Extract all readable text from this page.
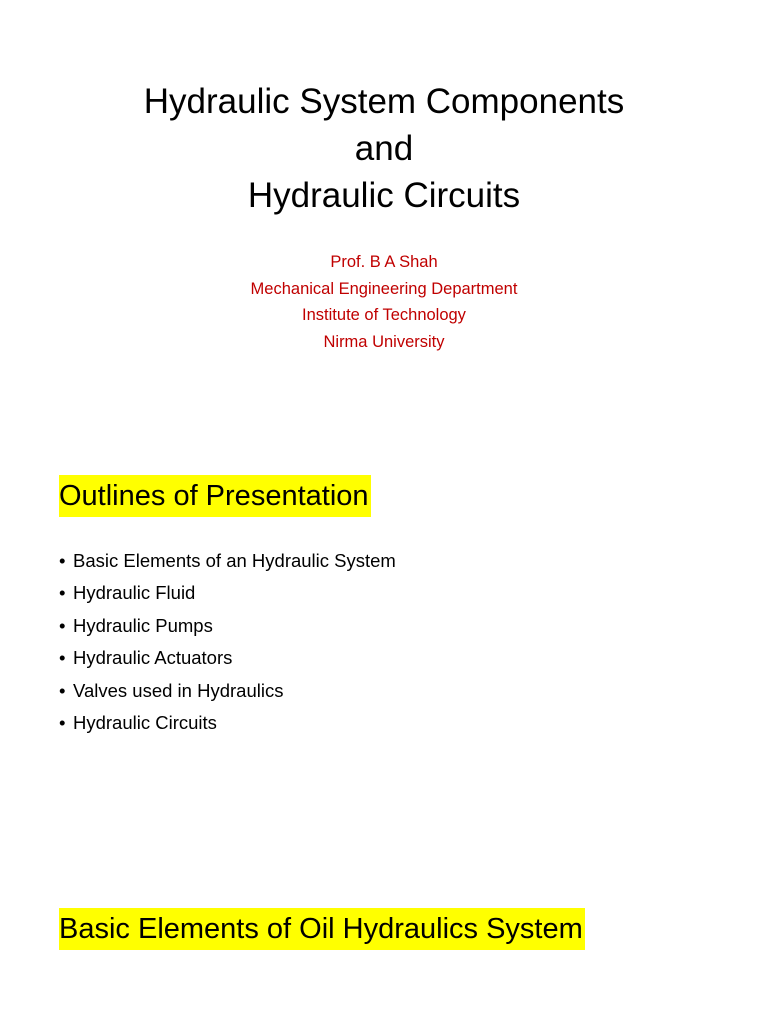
Hydraulic System Components
and
Hydraulic Circuits
Prof. B A Shah
Mechanical Engineering Department
Institute of Technology
Nirma University
Outlines of Presentation
• Basic Elements of an Hydraulic System
• Hydraulic Fluid
• Hydraulic Pumps
• Hydraulic Actuators
• Valves used in Hydraulics
• Hydraulic Circuits
Basic Elements of Oil Hydraulics System
